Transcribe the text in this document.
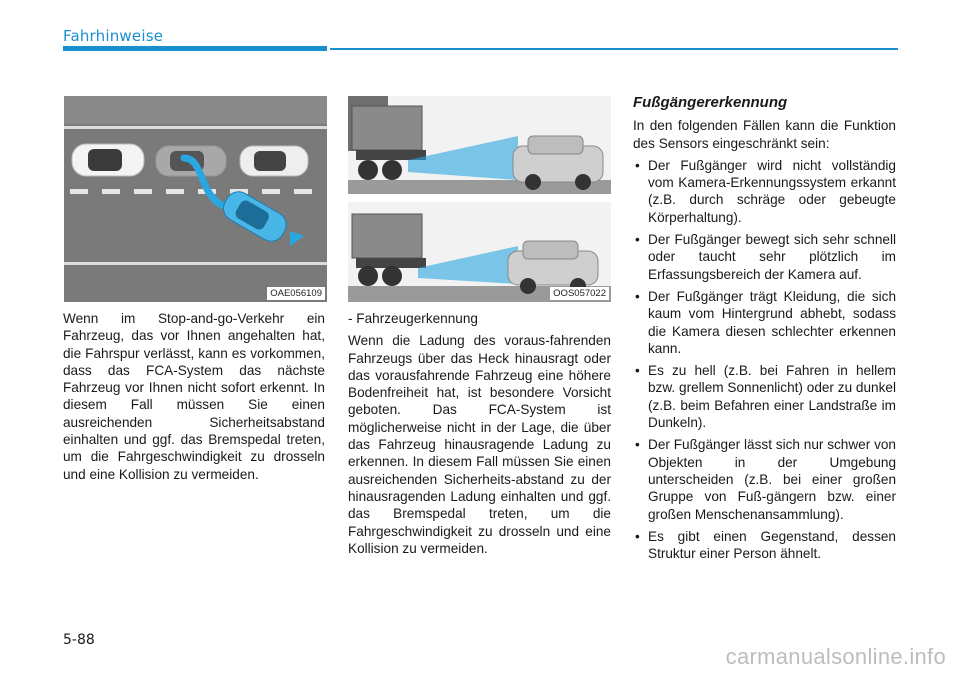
Fahrhinweise
OAE056109	OOS057022

Wenn im Stop-and-go-Verkehr ein Fahrzeug, das vor Ihnen angehalten hat, die Fahrspur verlässt, kann es vorkommen, dass das FCA-System das nächste Fahrzeug vor Ihnen nicht sofort erkennt. In diesem Fall müssen Sie einen ausreichenden Sicherheitsabstand einhalten und ggf. das Bremspedal treten, um die Fahrgeschwindigkeit zu drosseln und eine Kollision zu vermeiden.

- Fahrzeugerkennung

Wenn die Ladung des voraus-fahrenden Fahrzeugs über das Heck hinausragt oder das vorausfahrende Fahrzeug eine höhere Bodenfreiheit hat, ist besondere Vorsicht geboten. Das FCA-System ist möglicherweise nicht in der Lage, die über das Fahrzeug hinausragende Ladung zu erkennen. In diesem Fall müssen Sie einen ausreichenden Sicherheits-abstand zu der hinausragenden Ladung einhalten und ggf. das Bremspedal treten, um die Fahrgeschwindigkeit zu drosseln und eine Kollision zu vermeiden.

Fußgängererkennung

In den folgenden Fällen kann die Funktion des Sensors eingeschränkt sein:

• Der Fußgänger wird nicht vollständig vom Kamera-Erkennungssystem erkannt (z.B. durch schräge oder gebeugte Körperhaltung).
• Der Fußgänger bewegt sich sehr schnell oder taucht sehr plötzlich im Erfassungsbereich der Kamera auf.
• Der Fußgänger trägt Kleidung, die sich kaum vom Hintergrund abhebt, sodass die Kamera diesen schlechter erkennen kann.
• Es zu hell (z.B. bei Fahren in hellem bzw. grellem Sonnenlicht) oder zu dunkel (z.B. beim Befahren einer Landstraße im Dunkeln).
• Der Fußgänger lässt sich nur schwer von Objekten in der Umgebung unterscheiden (z.B. bei einer großen Gruppe von Fuß-gängern bzw. einer großen Menschenansammlung).
• Es gibt einen Gegenstand, dessen Struktur einer Person ähnelt.
5-88
carmanualsonline.info
